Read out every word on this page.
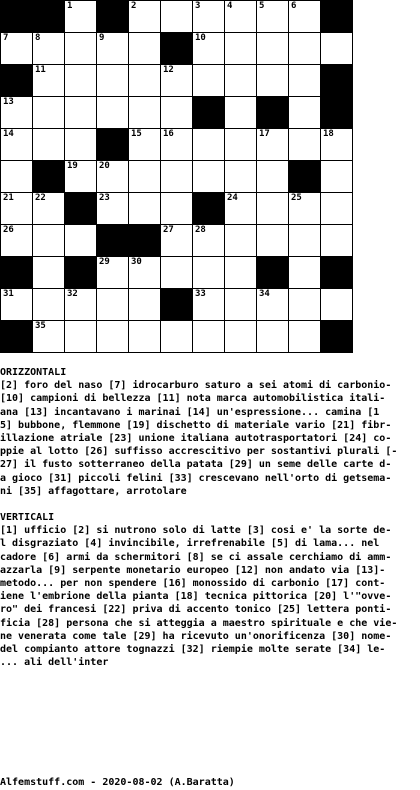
1	2	3	4	5	6
7	8	9	10
11	12
13
14	15 16	17	18
19 20
21 22	23	24	25
26	27 28
29 30
31	32	33	34
35
ORIZZONTALI
[2] foro del naso [7] idrocarburo saturo a sei atomi di carbonio-
[10] campioni di bellezza [11] nota marca automobilistica itali-
ana [13] incantavano i marinai [14] un'espressione... camina [1
5] bubbone, flemmone [19] dischetto di materiale vario [21] fibr-
illazione atriale [23] unione italiana autotrasportatori [24] co-
ppie al lotto [26] suffisso accrescitivo per sostantivi plurali [-
27] il fusto sotterraneo della patata [29] un seme delle carte d-
a gioco [31] piccoli felini [33] crescevano nell'orto di getsema-
ni [35] affagottare, arrotolare
VERTICALI
[1] ufficio [2] si nutrono solo di latte [3] cosi e' la sorte de-
l disgraziato [4] invincibile, irrefrenabile [5] di lama... nel
cadore [6] armi da schermitori [8] se ci assale cerchiamo di amm-
azzarla [9] serpente monetario europeo [12] non andato via [13]-
metodo... per non spendere [16] monossido di carbonio [17] cont-
iene l'embrione della pianta [18] tecnica pittorica [20] l'"ovve-
ro" dei francesi [22] priva di accento tonico [25] lettera ponti-
ficia [28] persona che si atteggia a maestro spirituale e che vie-
ne venerata come tale [29] ha ricevuto un'onorificenza [30] nome-
del compianto attore tognazzi [32] riempie molte serate [34] le-
... ali dell'inter
Alfemstuff.com - 2020-08-02 (A.Baratta)
